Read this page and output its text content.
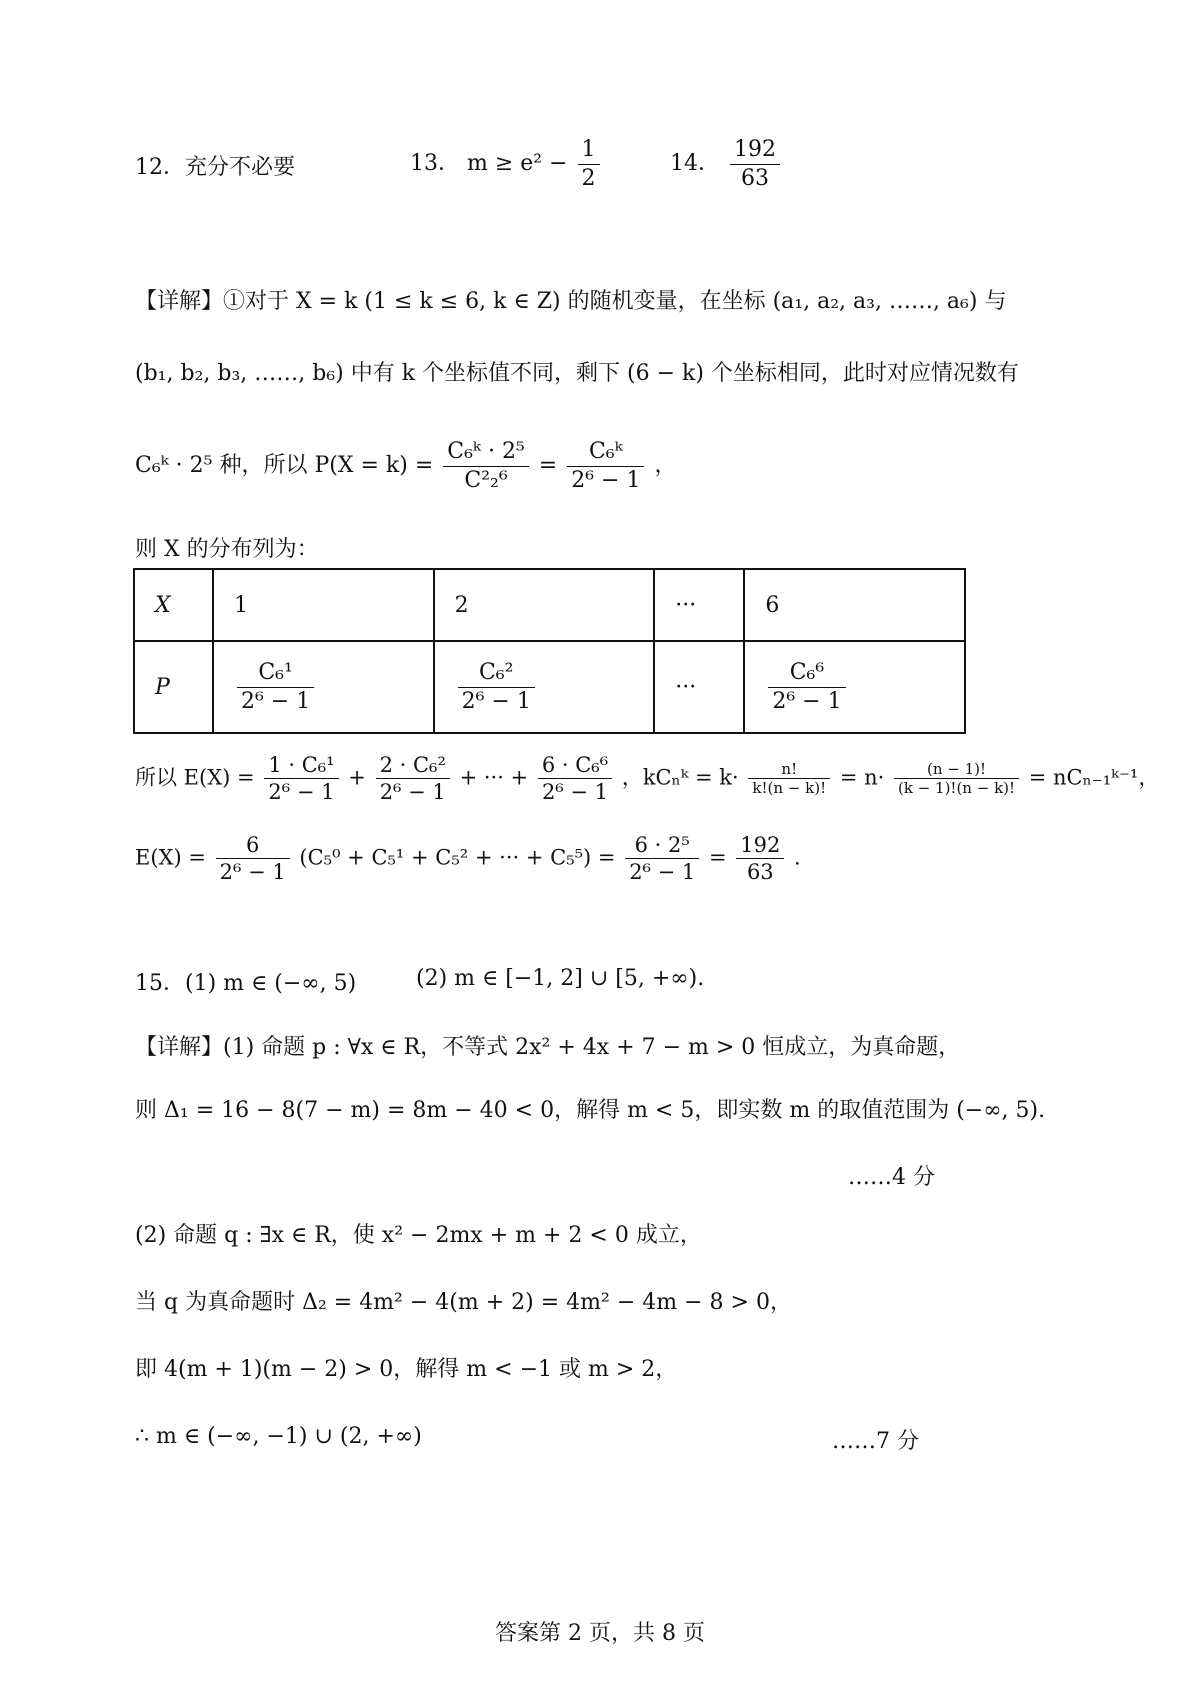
12．充分不必要	13． $m \ge e^2 - \frac{1}{2}$	14． $\frac{192}{63}$
【详解】①对于 X = k (1 ≤ k ≤ 6, k ∈ Z) 的随机变量，在坐标 (a₁, a₂, a₃, ……, a₆) 与
(b₁, b₂, b₃, ……, b₆) 中有 k 个坐标值不同，剩下 (6 − k) 个坐标相同，此时对应情况数有
C₆ᵏ · 2⁵ 种，所以 $P(X = k) = \frac{\text{C₆ᵏ · 2⁵}}{\text{C²₂⁶}} = \frac{\text{C₆ᵏ}}{\text{2⁶ − 1}}$ ，
则 X 的分布列为：
X	1	2	···	6
P	$\frac{\text{C₆¹}}{\text{2⁶ − 1}}$	$\frac{\text{C₆²}}{\text{2⁶ − 1}}$	···	$\frac{\text{C₆⁶}}{\text{2⁶ − 1}}$
所以 $E(X) = \frac{\text{1 · C₆¹}}{\text{2⁶ − 1}} + \frac{\text{2 · C₆²}}{\text{2⁶ − 1}}$ + ··· + $\frac{\text{6 · C₆⁶}}{\text{2⁶ − 1}}$ ，kCₙᵏ = $k\cdot \frac{n!}{k!(n - k)!} = n\cdot \frac{(n - 1)!}{(k - 1)!(n - k)!}$ = nCₙ₋₁ᵏ⁻¹，
$E(X) = \frac{6}{\text{2⁶ − 1}} (C_5^0 + C_5^1 + C_5^2$ + ··· + $C_5^5) = \frac{\text{6 · 2⁵}}{\text{2⁶ − 1}} = \frac{192}{63}$ .
15．(1) m ∈ (−∞, 5)	(2) m ∈ [−1, 2] ∪ [5, +∞).
【详解】(1) 命题 p : ∀x ∈ R，不等式 2x² + 4x + 7 − m > 0 恒成立，为真命题，
则 Δ₁ = 16 − 8(7 − m) = 8m − 40 < 0，解得 m < 5，即实数 m 的取值范围为 (−∞, 5).
……4 分
(2) 命题 q : ∃x ∈ R，使 x² − 2mx + m + 2 < 0 成立，
当 q 为真命题时 Δ₂ = 4m² − 4(m + 2) = 4m² − 4m − 8 > 0，
即 4(m + 1)(m − 2) > 0，解得 m < −1 或 m > 2，
∴ m ∈ (−∞, −1) ∪ (2, +∞)	……7 分
答案第 2 页，共 8 页
